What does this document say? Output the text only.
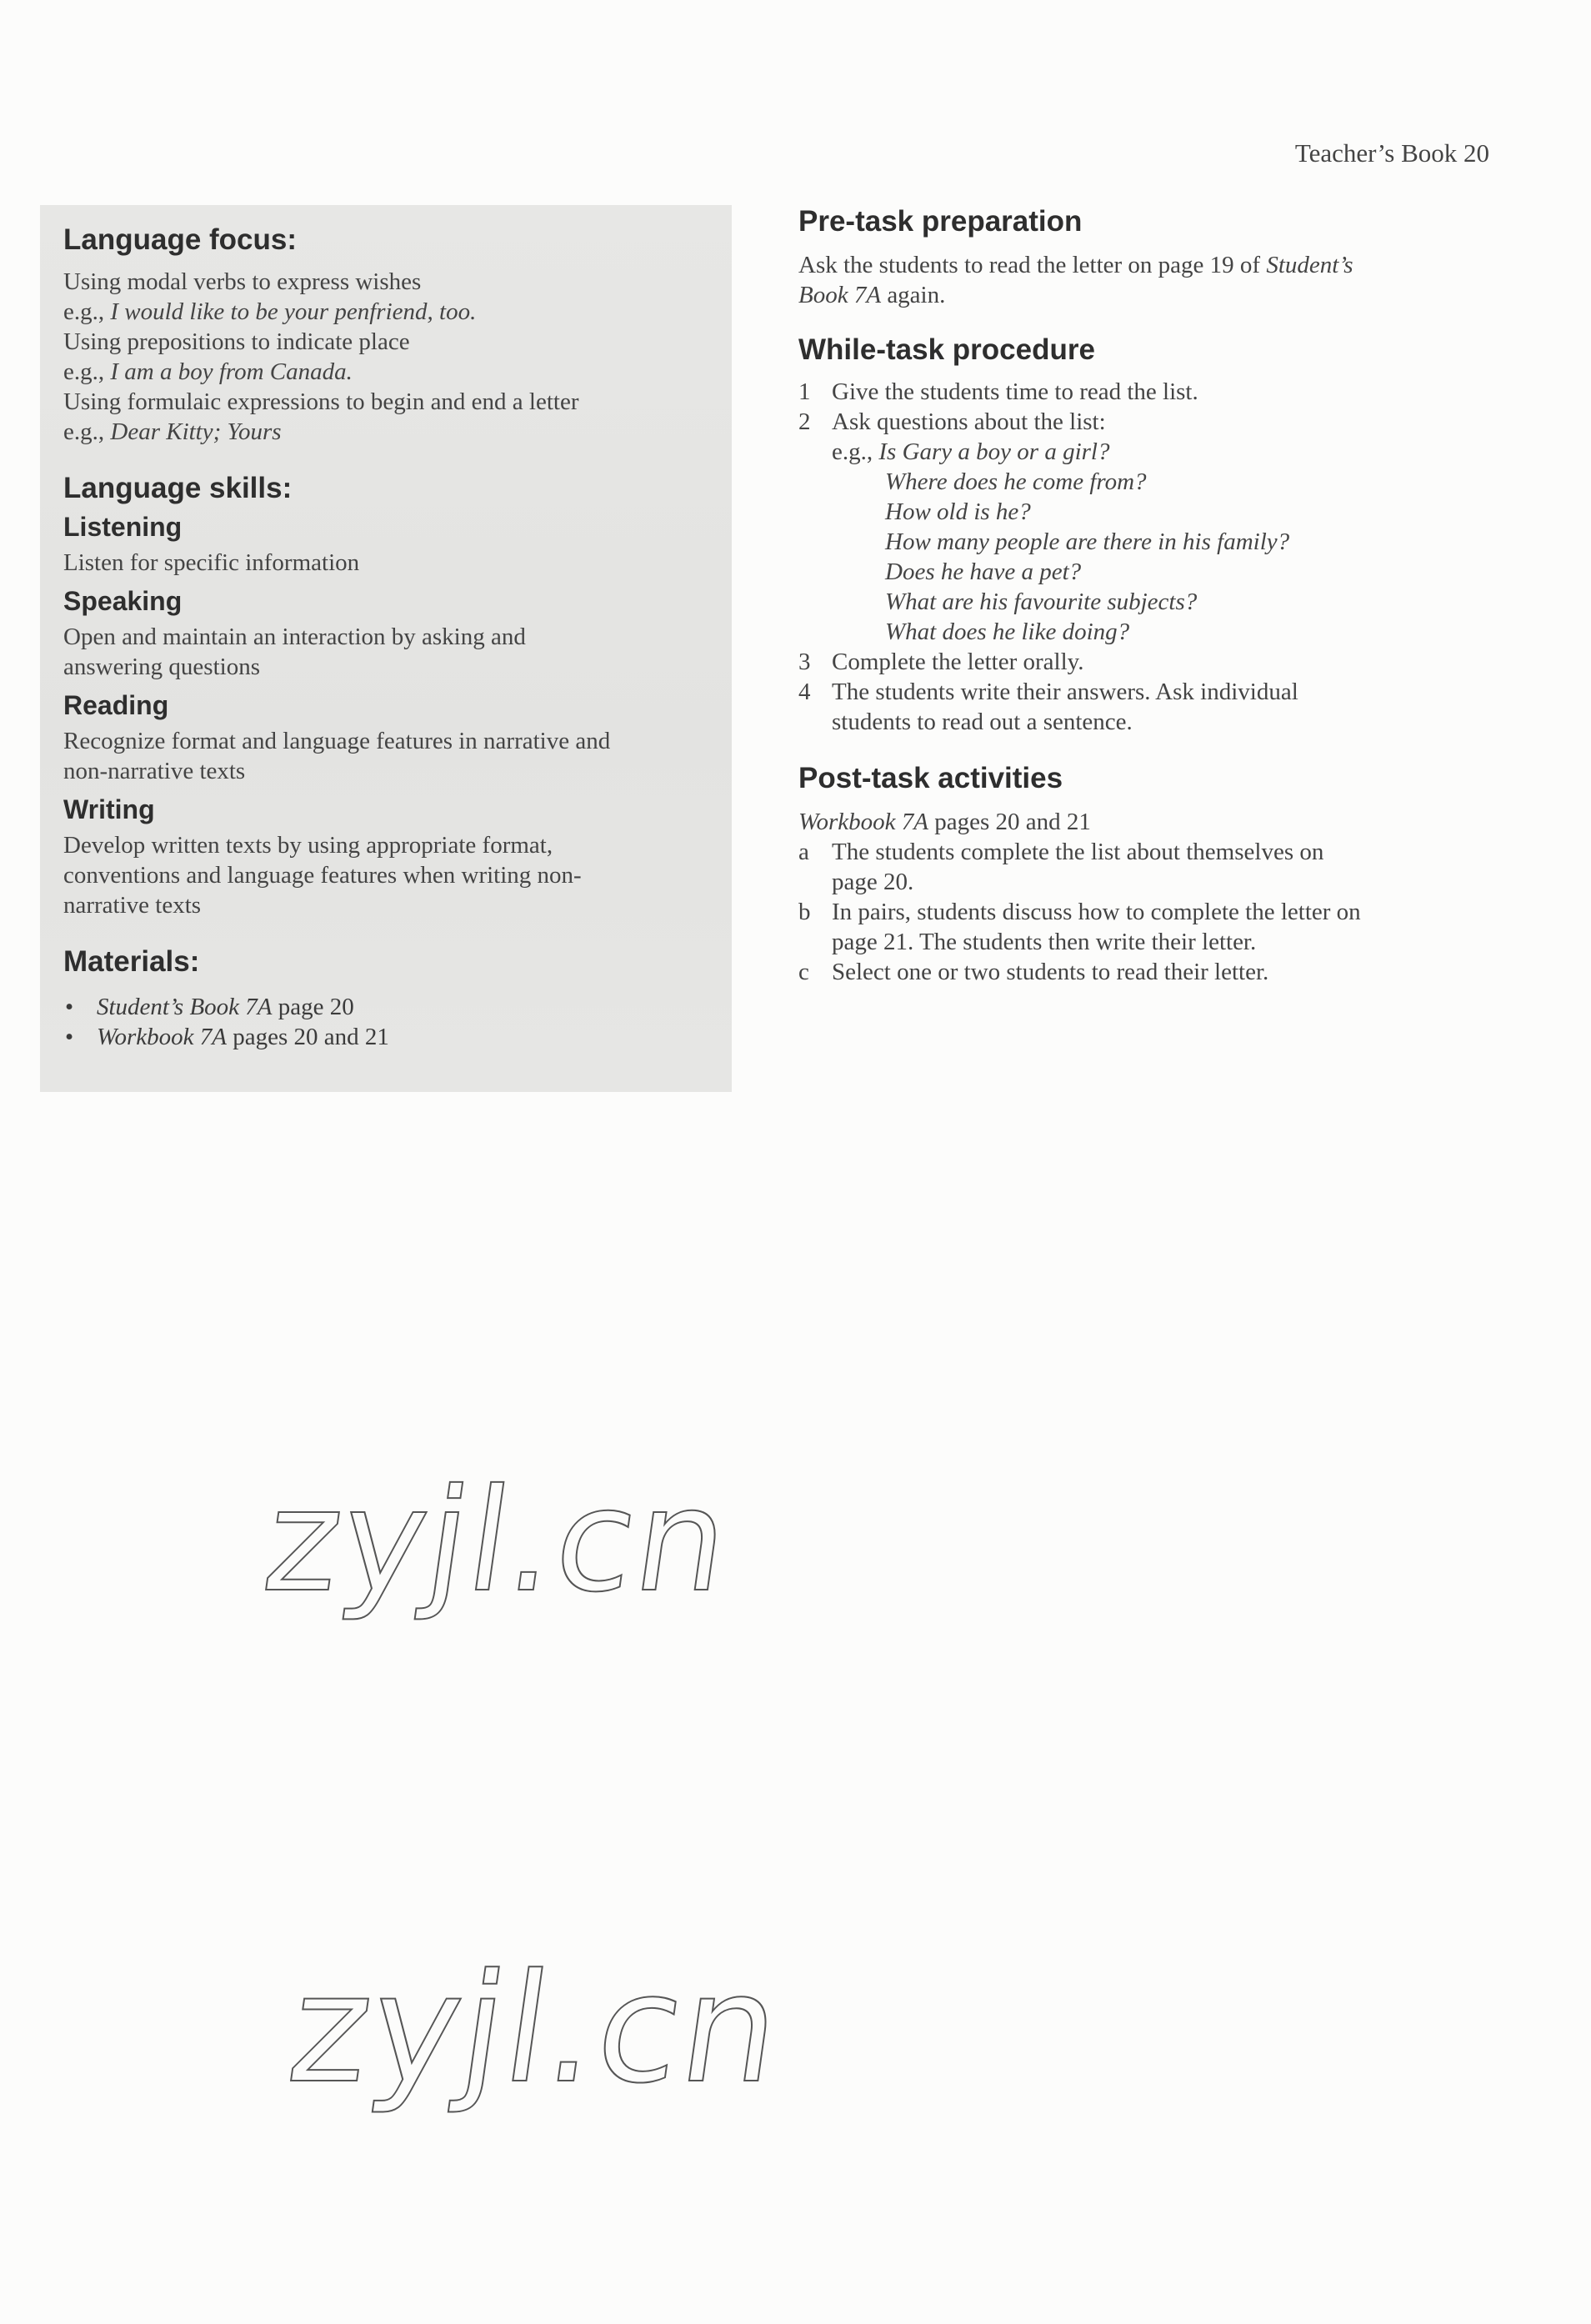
Teacher’s Book 20
Language focus:
Using modal verbs to express wishes
e.g., I would like to be your penfriend, too.
Using prepositions to indicate place
e.g., I am a boy from Canada.
Using formulaic expressions to begin and end a letter
e.g., Dear Kitty; Yours
Language skills:
Listening
Listen for specific information
Speaking
Open and maintain an interaction by asking and
answering questions
Reading
Recognize format and language features in narrative and
non-narrative texts
Writing
Develop written texts by using appropriate format,
conventions and language features when writing non-
narrative texts
Materials:
• Student’s Book 7A page 20
• Workbook 7A pages 20 and 21
Pre-task preparation
Ask the students to read the letter on page 19 of Student’s
Book 7A again.
While-task procedure
1 Give the students time to read the list.
2 Ask questions about the list:
e.g., Is Gary a boy or a girl?
Where does he come from?
How old is he?
How many people are there in his family?
Does he have a pet?
What are his favourite subjects?
What does he like doing?
3 Complete the letter orally.
4 The students write their answers. Ask individual
students to read out a sentence.
Post-task activities
Workbook 7A pages 20 and 21
a The students complete the list about themselves on
page 20.
b In pairs, students discuss how to complete the letter on
page 21. The students then write their letter.
c Select one or two students to read their letter.
zyjl.cn
zyjl.cn
